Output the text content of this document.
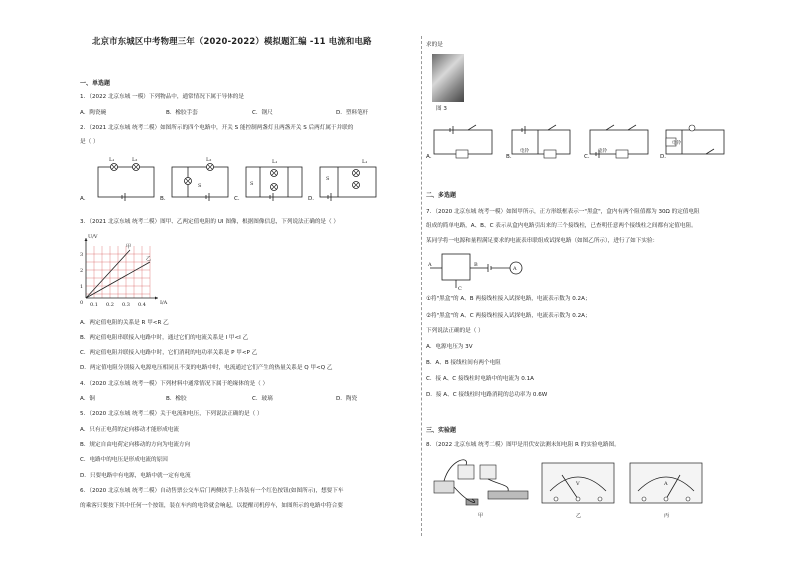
北京市东城区中考物理三年（2020-2022）模拟题汇编 -11 电流和电路
一、单选题
1．（2022 北京东城 一模）下列物品中，通常情况下属于导体的是
A．陶瓷碗	B．橡胶手套	C．钢尺	D．塑料笔杆
2．（2021 北京东城 统考二模）如图所示的四个电路中，开关 S 能控制两盏灯且两盏开关 S 后两灯属于并联的
是（ ）
L₁	L₂
S
L₂
S
L₁
S
L₁
A．	B．	C．	D．
3．（2021 北京东城 统考二模）图甲、乙两定值电阻的 UI 图像，根据图像信息，下列说法正确的是（ ）
甲
乙
U/V
I/A
3
2
1
0 0.1 0.2 0.3 0.4
A．两定值电阻的关系是 R 甲<R 乙
B．两定值电阻串联接入电路中时，通过它们的电流关系是 I 甲<I 乙
C．两定值电阻并联接入电路中时，它们消耗的电功率关系是 P 甲<P 乙
D．两定值电阻分别接入电源电压相同且不变的电路中时，电流通过它们产生的热量关系是 Q 甲<Q 乙
4．（2020 北京东城 统考一模）下列材料中通常情况下属于绝缘体的是（ ）
A．铜	B．橡胶	C．玻璃	D．陶瓷
5．（2020 北京东城 统考二模）关于电流和电压，下列说法正确的是（ ）
A．只有正电荷的定向移动才能形成电流
B．规定自由电荷定向移动的方向为电流方向
C．电路中的电压是形成电流的原因
D．只要电路中有电源，电路中就一定有电流
6．（2020 北京东城 统考二模）自动售票公交车后门两侧扶手上各装有一个红色按钮(如图所示)，想要下车
的乘客只要按下其中任何一个按钮，装在车内的电铃就会响起，以提醒司机停车，如图所示的电路中符合要
求的是
图 3
A．	B．	C．	D．
电铃	电铃
电铃
二、多选题
7．（2020 北京东城 统考一模）如图甲所示，正方形纸框表示一"黑盒"，盒内有两个阻值都为 30Ω 的定值电阻
组成的简单电路，A、B、C 表示从盒内电路引出来的三个接线柱，已查明任意两个接线柱之间都有定值电阻。
某同学将一电源和量程满足要求的电流表串联组成试探电路（如图乙所示），进行了如下实验：
A
A	B
C
①将"黑盒"的 A、B 两接线柱接入试探电路，电流表示数为 0.2A；
②将"黑盒"的 A、C 两接线柱接入试探电路，电流表示数为 0.2A；
下列说法正确的是（ ）
A．电源电压为 3V
B．A、B 接线柱间有两个电阻
C．接 A、C 接线柱时电路中的电流为 0.1A
D．接 A、C 接线柱时电路消耗的总功率为 0.6W
三、实验题
8．（2022 北京东城 统考二模）图甲是用伏安法测未知电阻 R 的实验电路图。
甲
V
乙
A
丙
